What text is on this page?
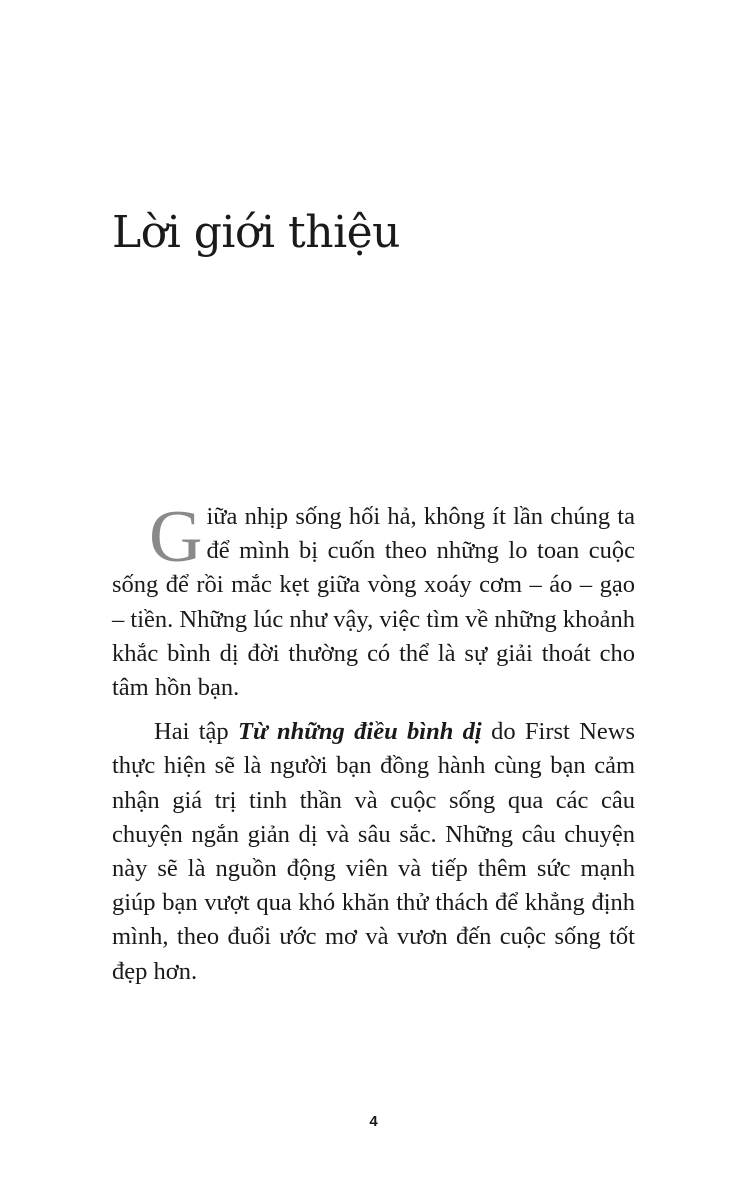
Lời giới thiệu

Giữa nhịp sống hối hả, không ít lần chúng ta để mình bị cuốn theo những lo toan cuộc sống để rồi mắc kẹt giữa vòng xoáy cơm – áo – gạo – tiền. Những lúc như vậy, việc tìm về những khoảnh khắc bình dị đời thường có thể là sự giải thoát cho tâm hồn bạn.

Hai tập Từ những điều bình dị do First News thực hiện sẽ là người bạn đồng hành cùng bạn cảm nhận giá trị tinh thần và cuộc sống qua các câu chuyện ngắn giản dị và sâu sắc. Những câu chuyện này sẽ là nguồn động viên và tiếp thêm sức mạnh giúp bạn vượt qua khó khăn thử thách để khẳng định mình, theo đuổi ước mơ và vươn đến cuộc sống tốt đẹp hơn.

4
